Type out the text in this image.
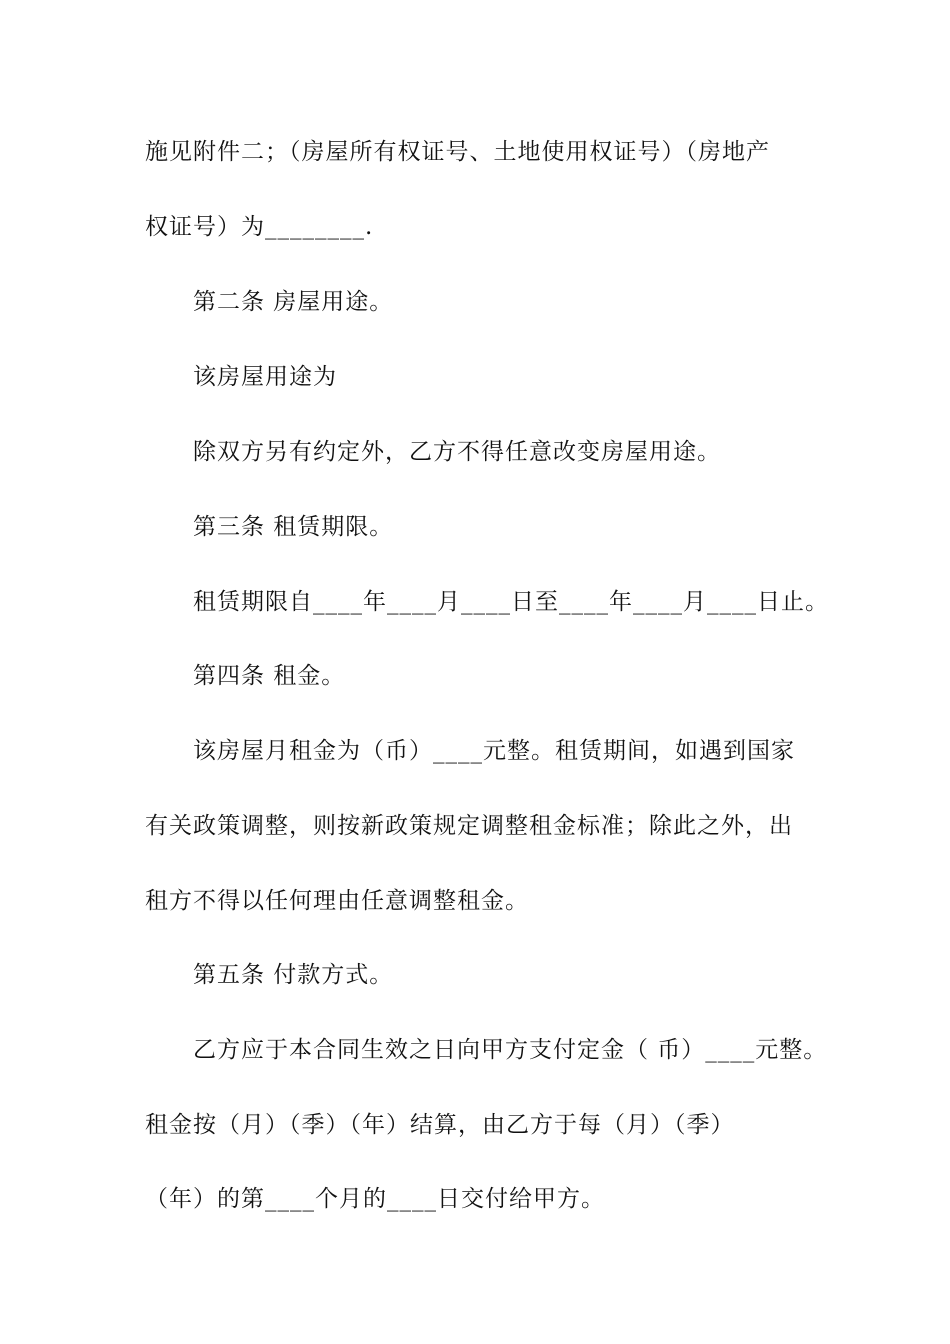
施见附件二；（房屋所有权证号、土地使用权证号）（房地产
权证号）为________.
第二条 房屋用途。
该房屋用途为
除双方另有约定外，乙方不得任意改变房屋用途。
第三条 租赁期限。
租赁期限自____年____月____日至____年____月____日止。
第四条 租金。
该房屋月租金为（币）____元整。租赁期间，如遇到国家
有关政策调整，则按新政策规定调整租金标准；除此之外，出
租方不得以任何理由任意调整租金。
第五条 付款方式。
乙方应于本合同生效之日向甲方支付定金（ 币）____元整。
租金按（月）（季）（年）结算，由乙方于每（月）（季）
（年）的第____个月的____日交付给甲方。
